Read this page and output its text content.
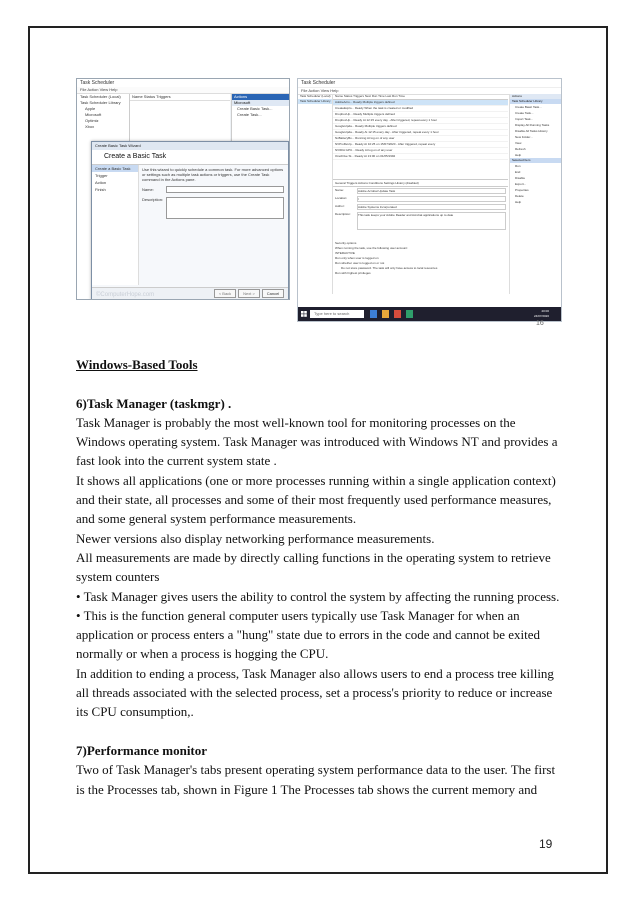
Task Scheduler
File Action View Help
Task Scheduler (Local)
Task Scheduler Library
Apple
Microsoft
Optimiz
Xbox
Name Status Triggers	Actions
Microsoft
Create Basic Task...
Create Task...
Create Basic Task Wizard
Create a Basic Task
Create a Basic Task
Trigger
Action
Finish

Use this wizard to quickly schedule a common task. For more advanced options or settings such as multiple task actions or triggers, use the Create Task command in the Actions pane.

Name:
Description:
©ComputerHope.com	< Back	Next >	Cancel
Task Scheduler
File Action View Help
Task Scheduler (Local)
Task Scheduler Library
Name Status Triggers Next Run Time Last Run Time
AdobeAcro... Ready Multiple triggers defined
CreateExplo... Ready When the task is created or modified
DropboxUp... Ready Multiple triggers defined
DropboxUp... Ready At 12:15 every day - After triggered, repeat every 1 hour
GoogleUpda... Ready Multiple triggers defined
GoogleUpda... Ready At 12:15 every day - After triggered, repeat every 1 hour
NvBatteryBo... Running At log on of any user
NVProfileUp... Ready At 10:25 on 15/07/2020 - After triggered, repeat every
NVIDIA GPU... Ready At log on of any user
OneDrive St... Ready At 13:00 on 01/05/1992
General Triggers Actions Conditions Settings History (disabled)
Name:	Adobe Acrobat Update Task
Location:	\
Author:	Adobe Systems Incorporated
Description:	This task keeps your Adobe Reader and Acrobat applications up to date
Security options
When running the task, use the following user account:
INTERACTIVE
Run only when user is logged on
Run whether user is logged on or not
Do not store password. The task will only have access to local resources
Run with highest privileges
Actions
Task Scheduler Library
Create Basic Task...
Create Task...
Import Task...
Display All Running Tasks
Disable All Tasks History
New Folder...
View
Refresh
Help
Selected Item
Run
End
Disable
Export...
Properties
Delete
Help
Type here to search	20:00
24/07/2020
16

Windows-Based Tools

6)Task Manager (taskmgr) .

Task Manager is probably the most well-known tool for monitoring processes on the

Windows operating system. Task Manager was introduced with Windows NT and provides a

fast look into the current system state .

It shows all applications (one or more processes running within a single application context)

and their state, all processes and some of their most frequently used performance measures,

and some general system performance measurements.

Newer versions also display networking performance measurements.

All measurements are made by directly calling functions in the operating system to retrieve

system counters

• Task Manager gives users the ability to control the system by affecting the running process.

• This is the function general computer users typically use Task Manager for when an

application or process enters a "hung" state due to errors in the code and cannot be exited

normally or when a process is hogging the CPU.

In addition to ending a process, Task Manager also allows users to end a process tree killing

all threads associated with the selected process, set a process's priority to reduce or increase

its CPU consumption,.

7)Performance monitor

Two of Task Manager's tabs present operating system performance data to the user. The first

is the Processes tab, shown in Figure 1 The Processes tab shows the current memory and

19
